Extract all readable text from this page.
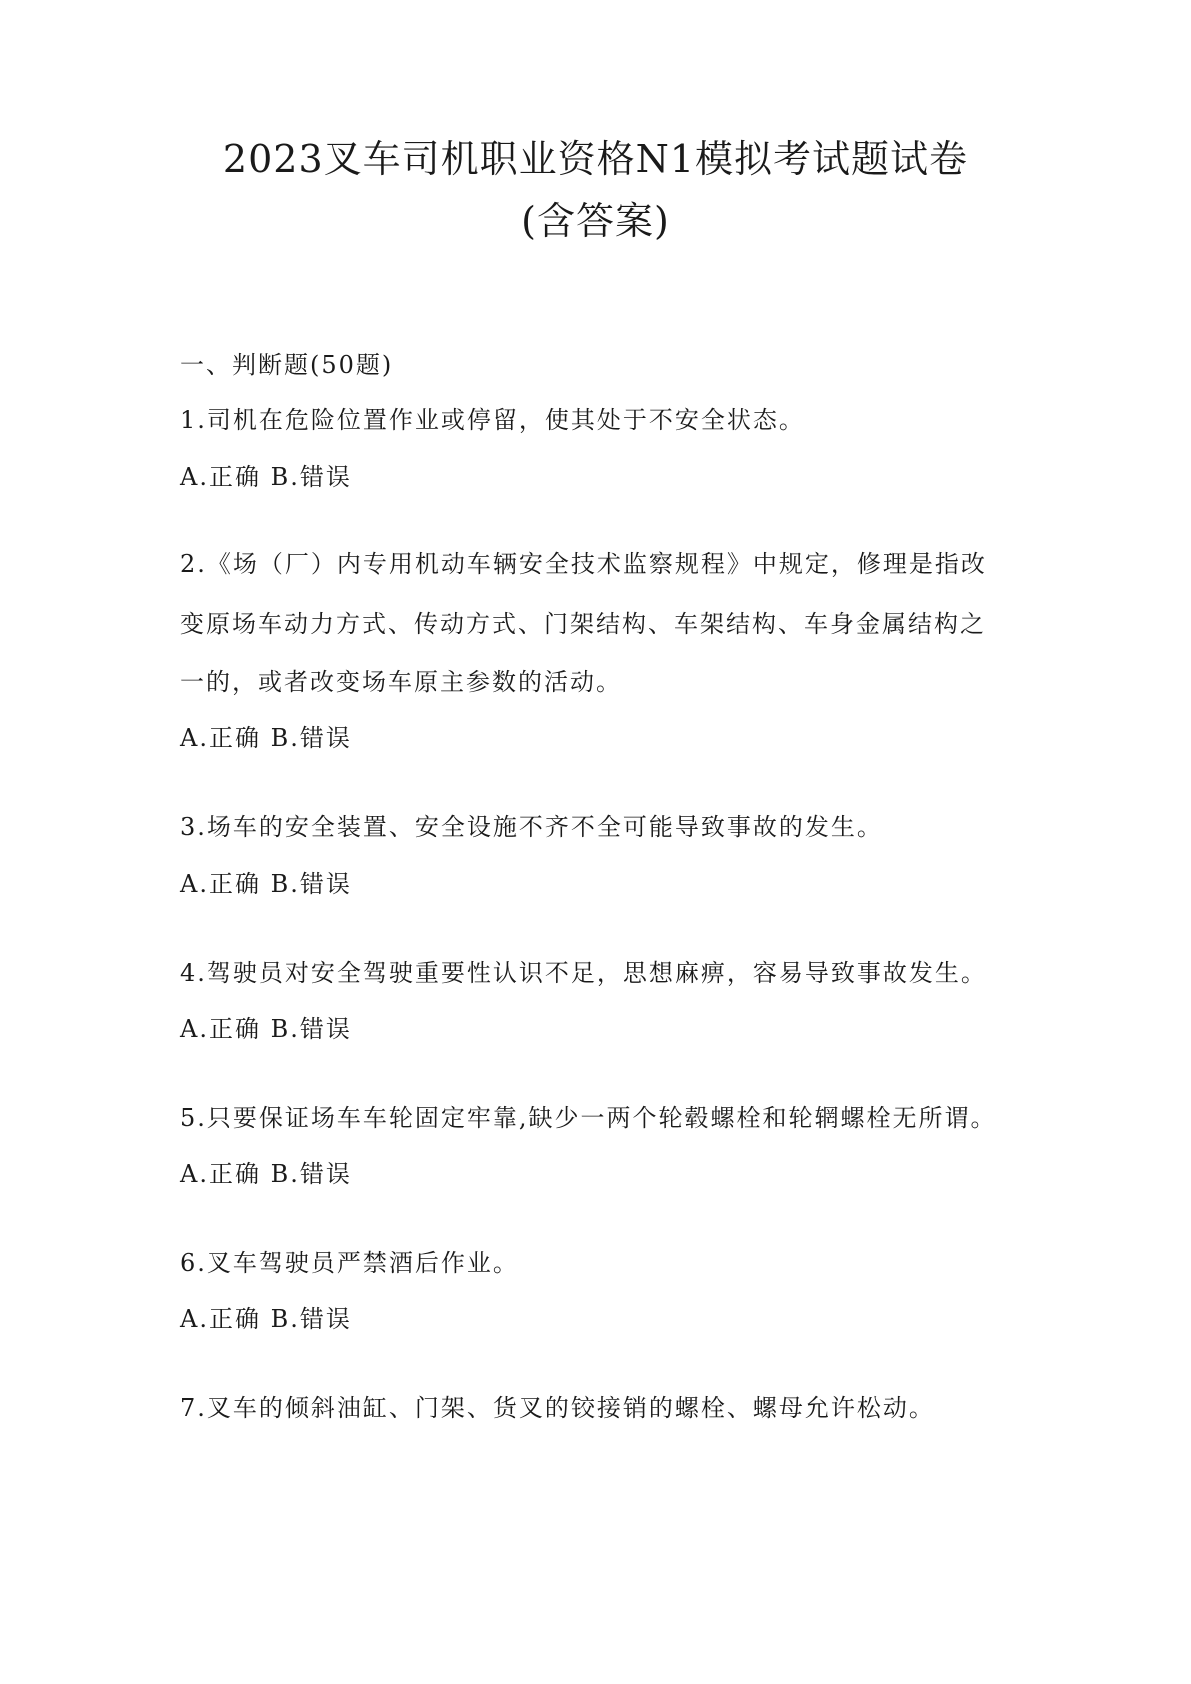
2023叉车司机职业资格N1模拟考试题试卷
(含答案)

一、判断题(50题)

1.司机在危险位置作业或停留，使其处于不安全状态。

A.正确 B.错误

2.《场（厂）内专用机动车辆安全技术监察规程》中规定，修理是指改

变原场车动力方式、传动方式、门架结构、车架结构、车身金属结构之

一的，或者改变场车原主参数的活动。

A.正确 B.错误

3.场车的安全装置、安全设施不齐不全可能导致事故的发生。

A.正确 B.错误

4.驾驶员对安全驾驶重要性认识不足，思想麻痹，容易导致事故发生。

A.正确 B.错误

5.只要保证场车车轮固定牢靠,缺少一两个轮毂螺栓和轮辋螺栓无所谓。

A.正确 B.错误

6.叉车驾驶员严禁酒后作业。

A.正确 B.错误

7.叉车的倾斜油缸、门架、货叉的铰接销的螺栓、螺母允许松动。
